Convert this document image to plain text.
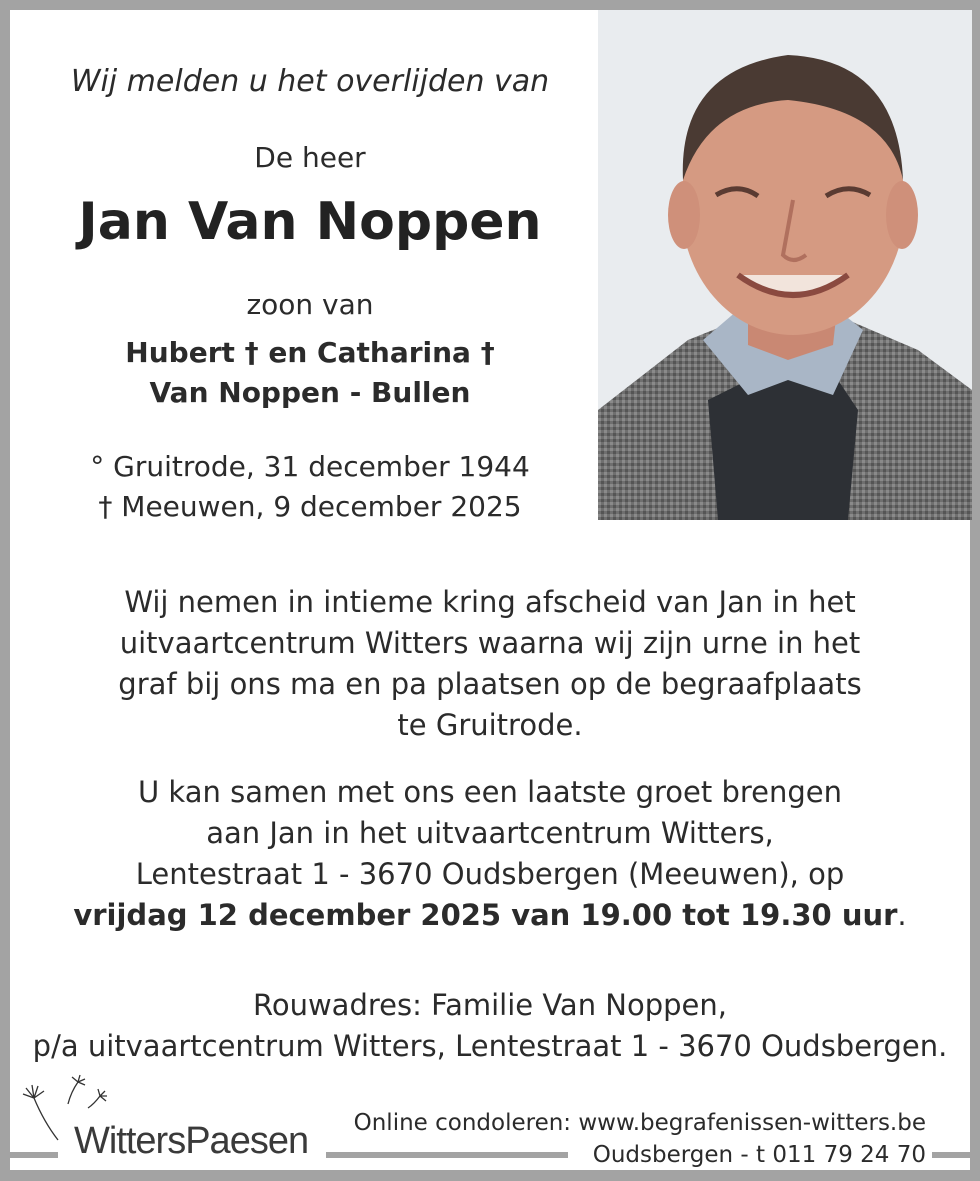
Wij melden u het overlijden van
De heer
Jan Van Noppen
zoon van
Hubert † en Catharina †
Van Noppen - Bullen
° Gruitrode, 31 december 1944
† Meeuwen, 9 december 2025
Wij nemen in intieme kring afscheid van Jan in het
uitvaartcentrum Witters waarna wij zijn urne in het
graf bij ons ma en pa plaatsen op de begraafplaats
te Gruitrode.
U kan samen met ons een laatste groet brengen
aan Jan in het uitvaartcentrum Witters,
Lentestraat 1 - 3670 Oudsbergen (Meeuwen), op
vrijdag 12 december 2025 van 19.00 tot 19.30 uur.
Rouwadres: Familie Van Noppen,
p/a uitvaartcentrum Witters, Lentestraat 1 - 3670 Oudsbergen.
WittersPaesen Online condoleren: www.begrafenissen-witters.be
Oudsbergen - t 011 79 24 70
